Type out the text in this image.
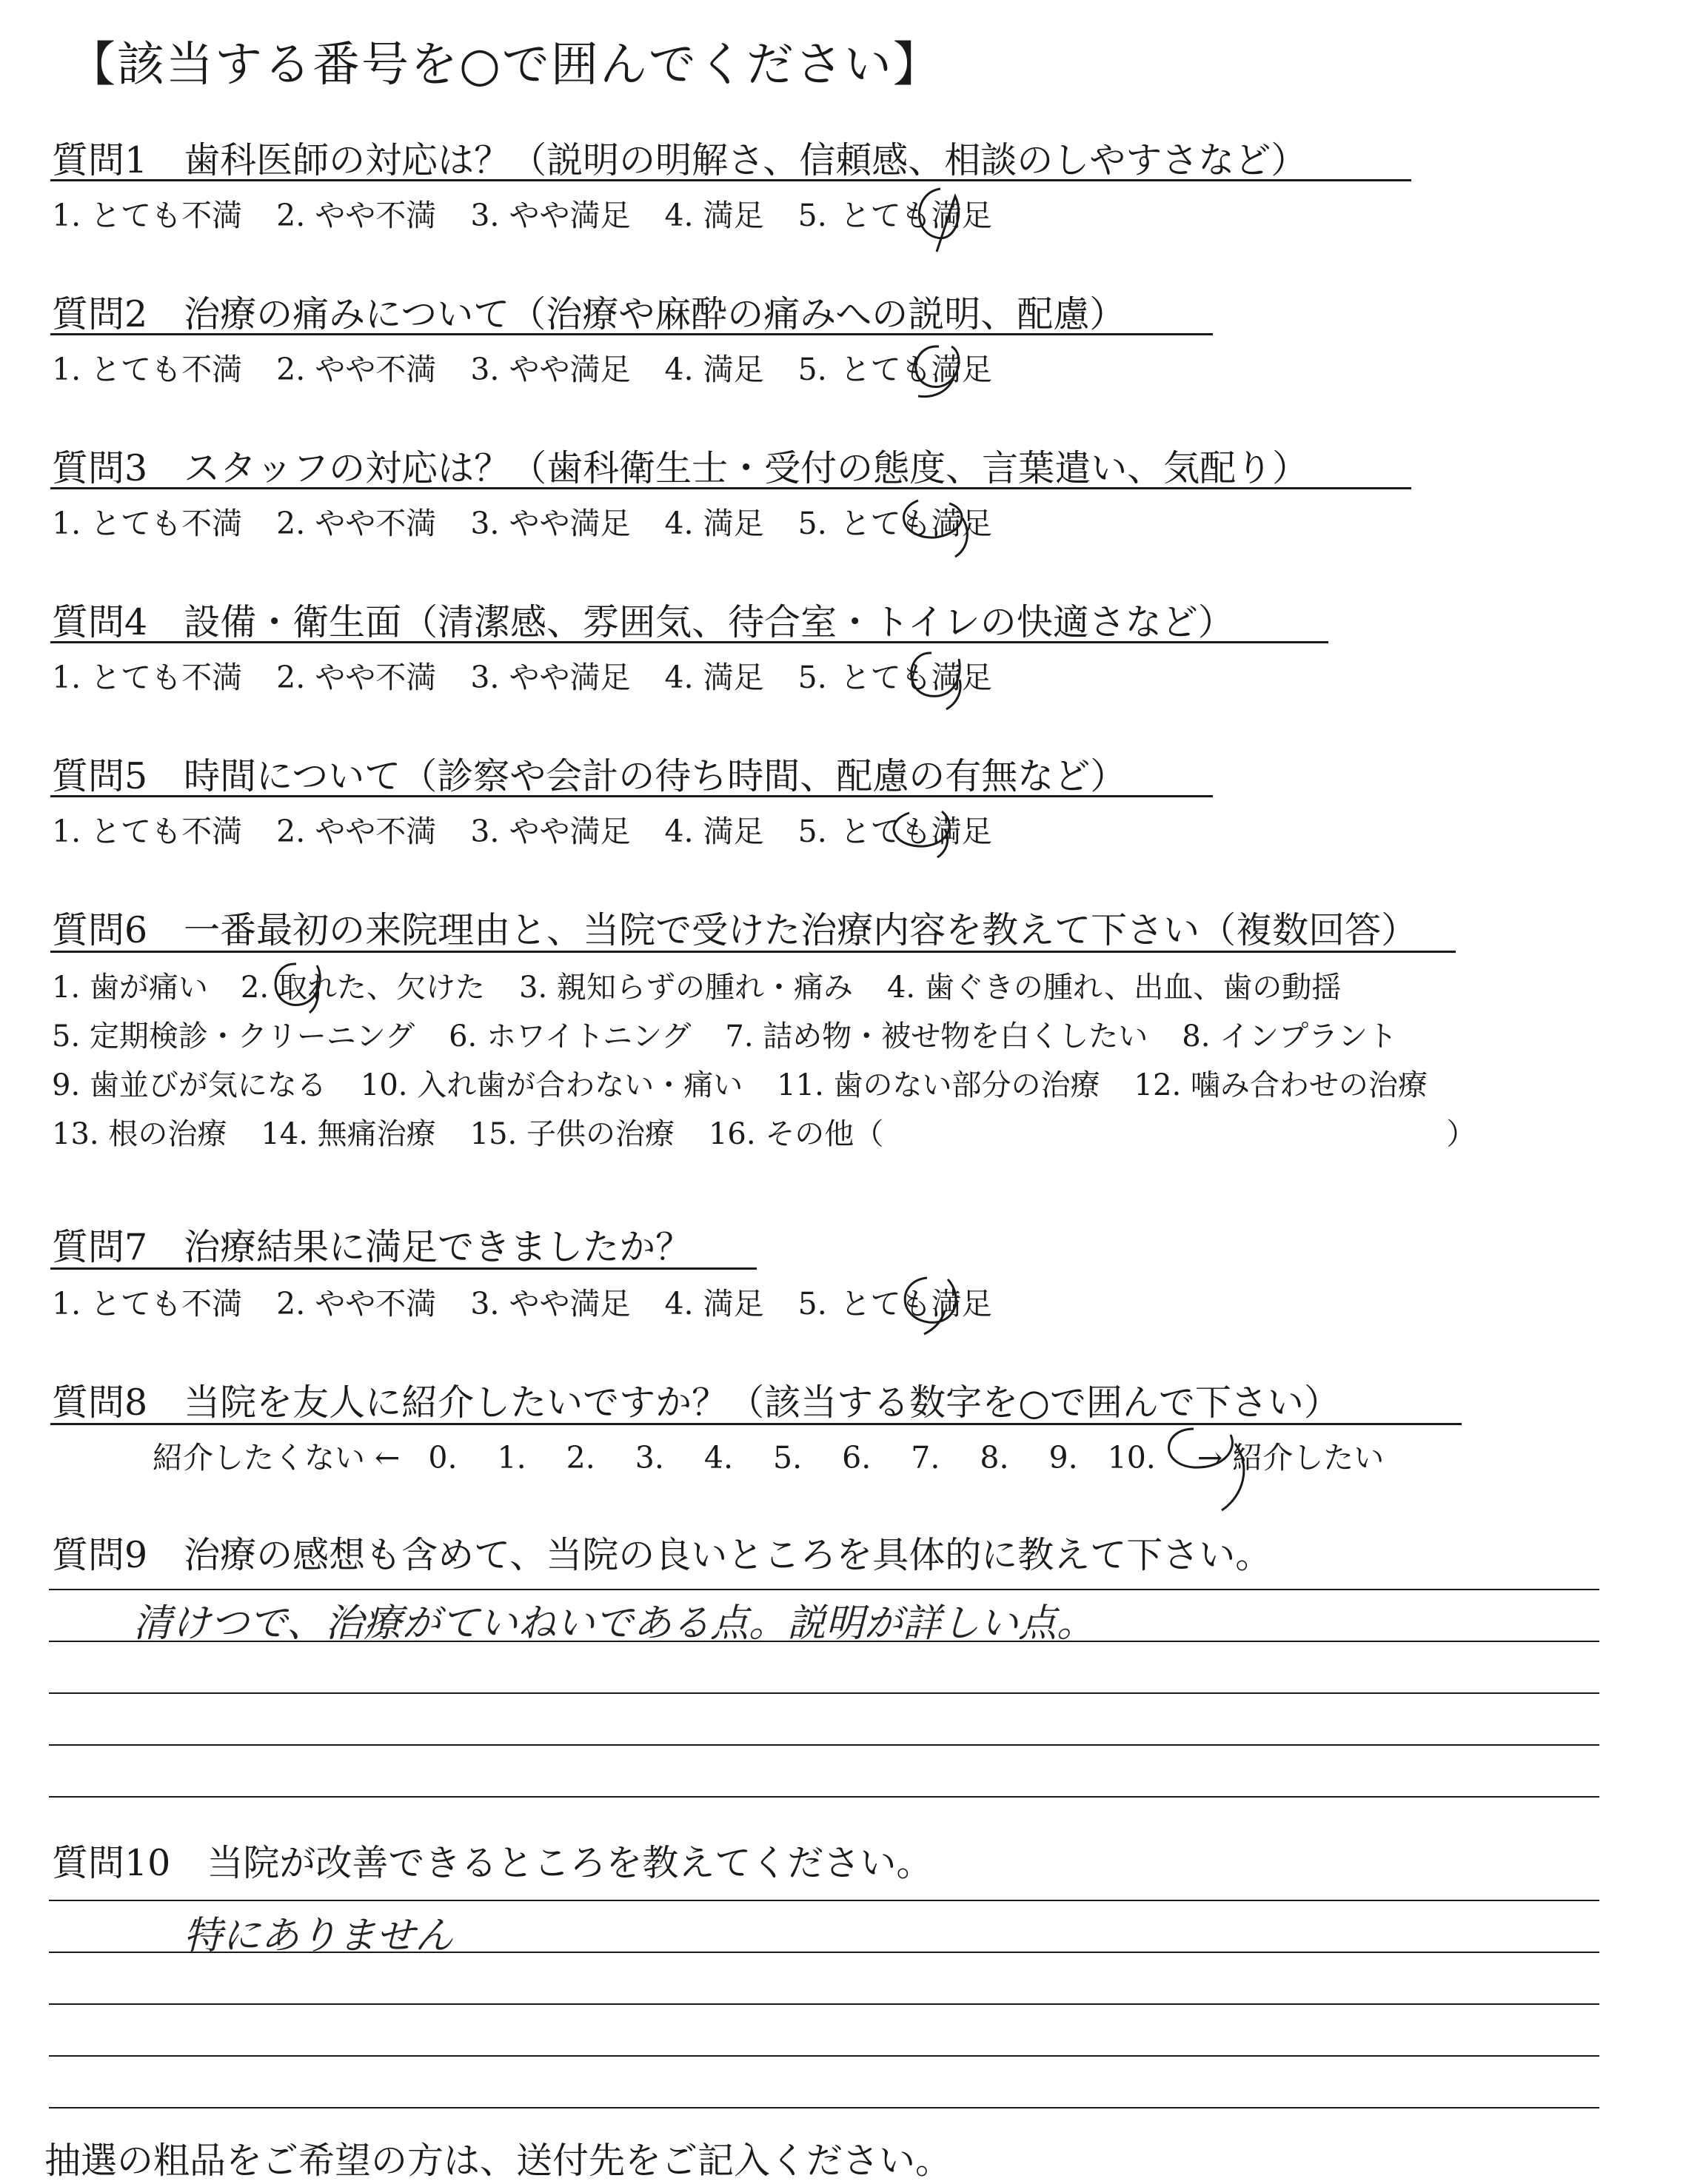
【該当する番号を○で囲んでください】
質問1　歯科医師の対応は？（説明の明解さ、信頼感、相談のしやすさなど）
1. とても不満 2. やや不満 3. やや満足 4. 満足 5. とても満足
質問2　治療の痛みについて（治療や麻酔の痛みへの説明、配慮）
1. とても不満 2. やや不満 3. やや満足 4. 満足 5. とても満足
質問3　スタッフの対応は？（歯科衛生士・受付の態度、言葉遣い、気配り）
1. とても不満 2. やや不満 3. やや満足 4. 満足 5. とても満足
質問4　設備・衛生面（清潔感、雰囲気、待合室・トイレの快適さなど）
1. とても不満 2. やや不満 3. やや満足 4. 満足 5. とても満足
質問5　時間について（診察や会計の待ち時間、配慮の有無など）
1. とても不満 2. やや不満 3. やや満足 4. 満足 5. とても満足
質問6　一番最初の来院理由と、当院で受けた治療内容を教えて下さい（複数回答）
1. 歯が痛い 2. 取れた、欠けた 3. 親知らずの腫れ・痛み 4. 歯ぐきの腫れ、出血、歯の動揺
5. 定期検診・クリーニング 6. ホワイトニング 7. 詰め物・被せ物を白くしたい 8. インプラント
9. 歯並びが気になる 10. 入れ歯が合わない・痛い 11. 歯のない部分の治療 12. 噛み合わせの治療
13. 根の治療 14. 無痛治療 15. 子供の治療 16. その他（	）
質問7　治療結果に満足できましたか？
1. とても不満 2. やや不満 3. やや満足 4. 満足 5. とても満足
質問8　当院を友人に紹介したいですか？（該当する数字を○で囲んで下さい）
紹介したくない ← 0. 1. 2. 3. 4. 5. 6. 7. 8. 9. 10. → 紹介したい
質問9　治療の感想も含めて、当院の良いところを具体的に教えて下さい。
清けつで、治療がていねいである点。説明が詳しい点。
質問10　当院が改善できるところを教えてください。
特にありません
抽選の粗品をご希望の方は、送付先をご記入ください。
